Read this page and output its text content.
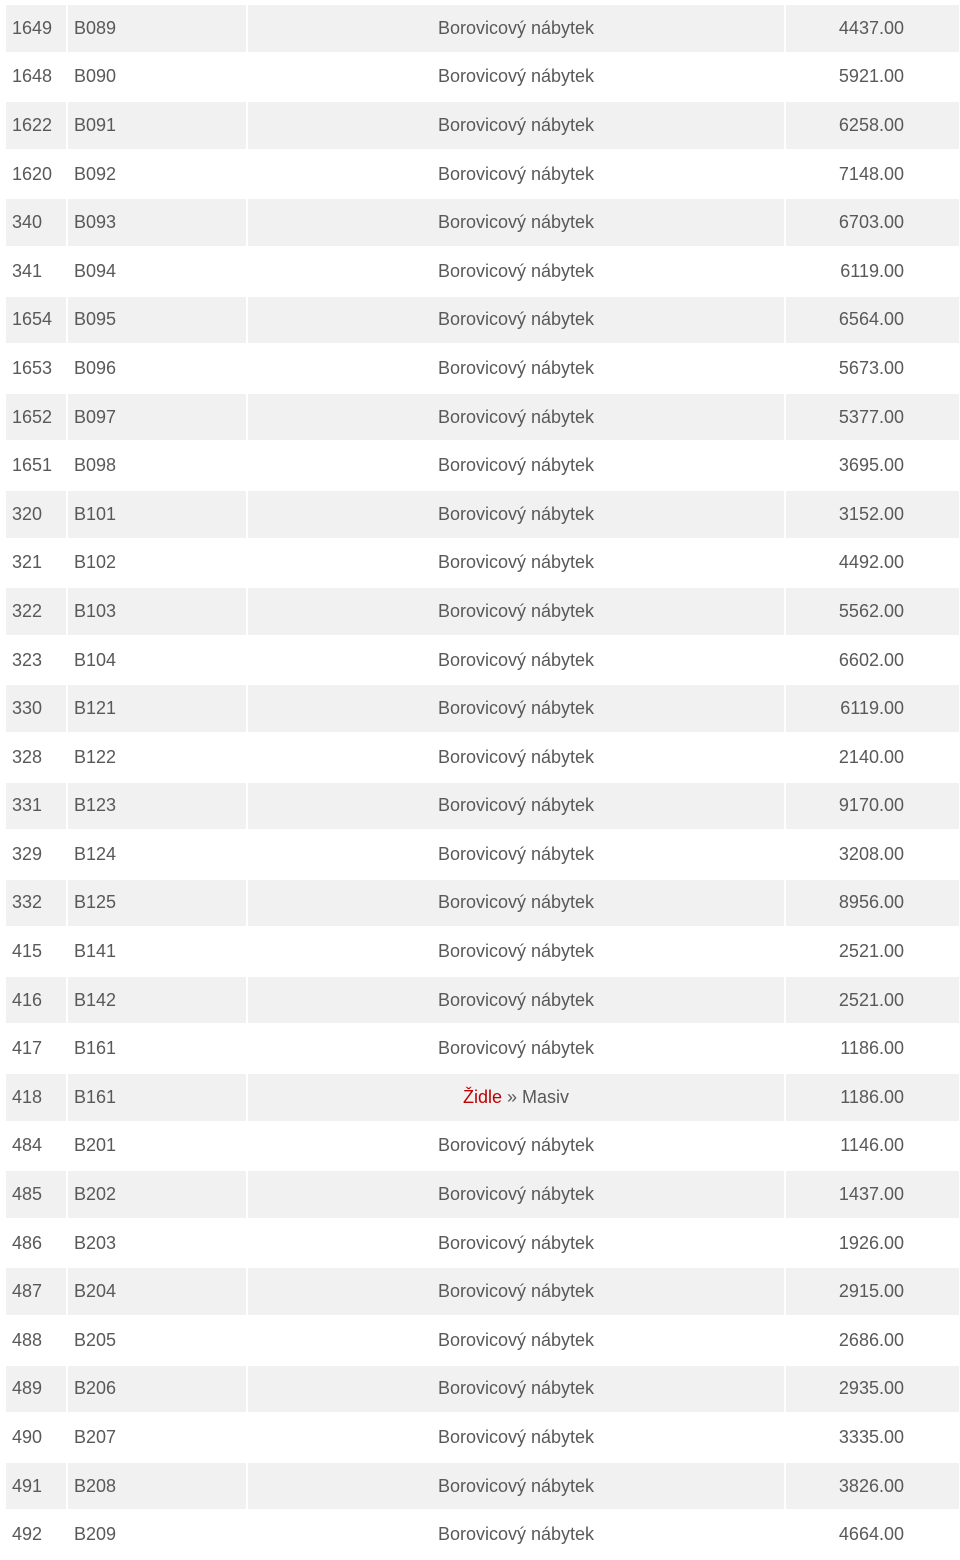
1649	B089	Borovicový nábytek	4437.00
1648	B090	Borovicový nábytek	5921.00
1622	B091	Borovicový nábytek	6258.00
1620	B092	Borovicový nábytek	7148.00
340	B093	Borovicový nábytek	6703.00
341	B094	Borovicový nábytek	6119.00
1654	B095	Borovicový nábytek	6564.00
1653	B096	Borovicový nábytek	5673.00
1652	B097	Borovicový nábytek	5377.00
1651	B098	Borovicový nábytek	3695.00
320	B101	Borovicový nábytek	3152.00
321	B102	Borovicový nábytek	4492.00
322	B103	Borovicový nábytek	5562.00
323	B104	Borovicový nábytek	6602.00
330	B121	Borovicový nábytek	6119.00
328	B122	Borovicový nábytek	2140.00
331	B123	Borovicový nábytek	9170.00
329	B124	Borovicový nábytek	3208.00
332	B125	Borovicový nábytek	8956.00
415	B141	Borovicový nábytek	2521.00
416	B142	Borovicový nábytek	2521.00
417	B161	Borovicový nábytek	1186.00
418	B161	Židle » Masiv	1186.00
484	B201	Borovicový nábytek	1146.00
485	B202	Borovicový nábytek	1437.00
486	B203	Borovicový nábytek	1926.00
487	B204	Borovicový nábytek	2915.00
488	B205	Borovicový nábytek	2686.00
489	B206	Borovicový nábytek	2935.00
490	B207	Borovicový nábytek	3335.00
491	B208	Borovicový nábytek	3826.00
492	B209	Borovicový nábytek	4664.00
